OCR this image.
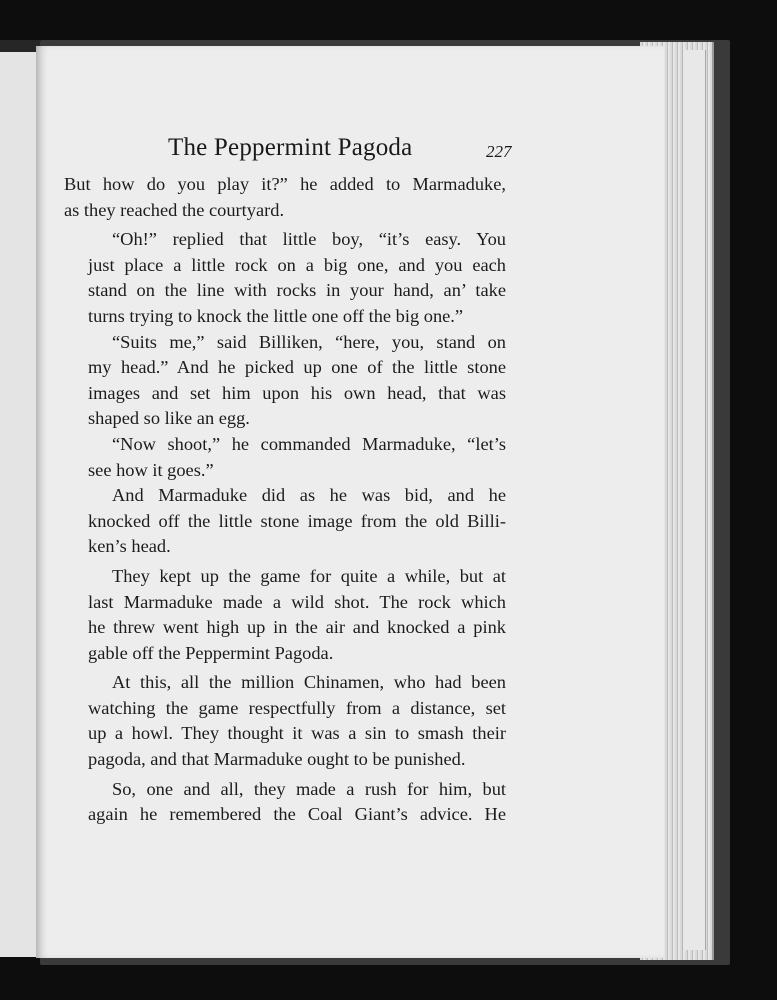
The Peppermint Pagoda	227

But how do you play it?” he added to Marmaduke,
as they reached the courtyard.

“Oh!” replied that little boy, “it’s easy. You
just place a little rock on a big one, and you each
stand on the line with rocks in your hand, an’ take
turns trying to knock the little one off the big one.”

“Suits me,” said Billiken, “here, you, stand on
my head.” And he picked up one of the little stone
images and set him upon his own head, that was
shaped so like an egg.

“Now shoot,” he commanded Marmaduke, “let’s
see how it goes.”

And Marmaduke did as he was bid, and he
knocked off the little stone image from the old Billi-
ken’s head.

They kept up the game for quite a while, but at
last Marmaduke made a wild shot. The rock which
he threw went high up in the air and knocked a pink
gable off the Peppermint Pagoda.

At this, all the million Chinamen, who had been
watching the game respectfully from a distance, set
up a howl. They thought it was a sin to smash their
pagoda, and that Marmaduke ought to be punished.

So, one and all, they made a rush for him, but
again he remembered the Coal Giant’s advice. He
